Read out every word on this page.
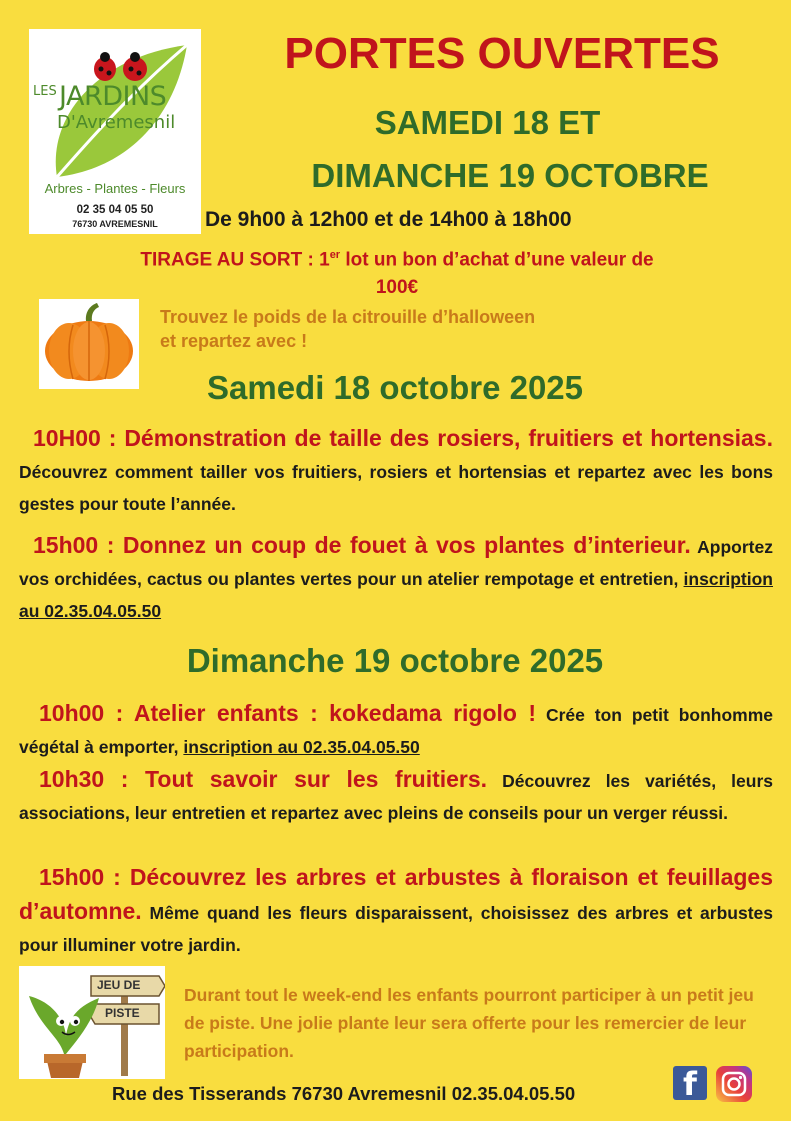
LES JARDINS
D'Avremesnil
Arbres - Plantes - Fleurs
02 35 04 05 50
76730 AVREMESNIL
PORTES OUVERTES
SAMEDI 18 ET
DIMANCHE 19 OCTOBRE
De 9h00 à 12h00 et de 14h00 à 18h00
TIRAGE AU SORT : 1er lot un bon d’achat d’une valeur de
100€
Trouvez le poids de la citrouille d’halloween
et repartez avec !
Samedi 18 octobre 2025
10H00 : Démonstration de taille des rosiers, fruitiers et hortensias. Découvrez comment tailler vos fruitiers, rosiers et hortensias et repartez avec les bons gestes pour toute l’année.
15h00 : Donnez un coup de fouet à vos plantes d’interieur. Apportez vos orchidées, cactus ou plantes vertes pour un atelier rempotage et entretien, inscription au 02.35.04.05.50
Dimanche 19 octobre 2025
10h00 : Atelier enfants : kokedama rigolo ! Crée ton petit bonhomme végétal à emporter, inscription au 02.35.04.05.50
10h30 : Tout savoir sur les fruitiers. Découvrez les variétés, leurs associations, leur entretien et repartez avec pleins de conseils pour un verger réussi.
15h00 : Découvrez les arbres et arbustes à floraison et feuillages d’automne. Même quand les fleurs disparaissent, choisissez des arbres et arbustes pour illuminer votre jardin.
JEU DE
PISTE
Durant tout le week-end les enfants pourront participer à un petit jeu de piste. Une jolie plante leur sera offerte pour les remercier de leur participation.
Rue des Tisserands 76730 Avremesnil 02.35.04.05.50	f
